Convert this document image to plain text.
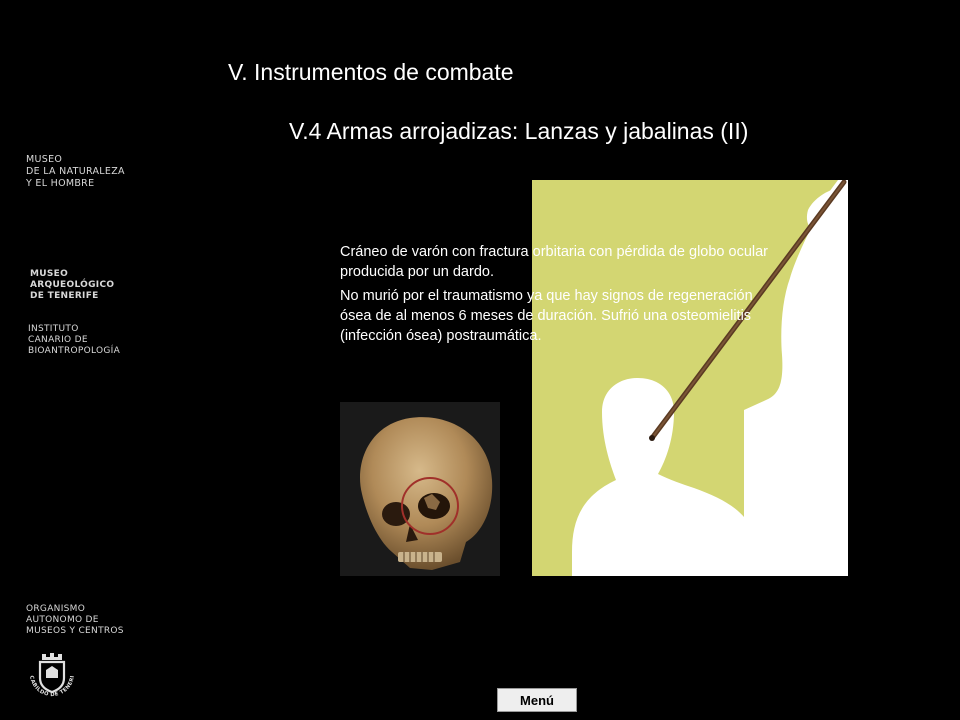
V. Instrumentos de combate
V.4 Armas arrojadizas: Lanzas y jabalinas (II)
MUSEO
DE LA NATURALEZA
Y EL HOMBRE
MUSEO
ARQUEOLÓGICO
DE TENERIFE
INSTITUTO
CANARIO DE
BIOANTROPOLOGÍA
ORGANISMO
AUTONOMO DE
MUSEOS Y CENTROS
CABILDO DE TENERI

Cráneo de varón con fractura orbitaria con pérdida de globo ocular producida por un dardo.

No murió por el traumatismo ya que hay signos de regeneración ósea de al menos 6 meses de duración. Sufrió una osteomielitis (infección ósea) postraumática.

Menú
